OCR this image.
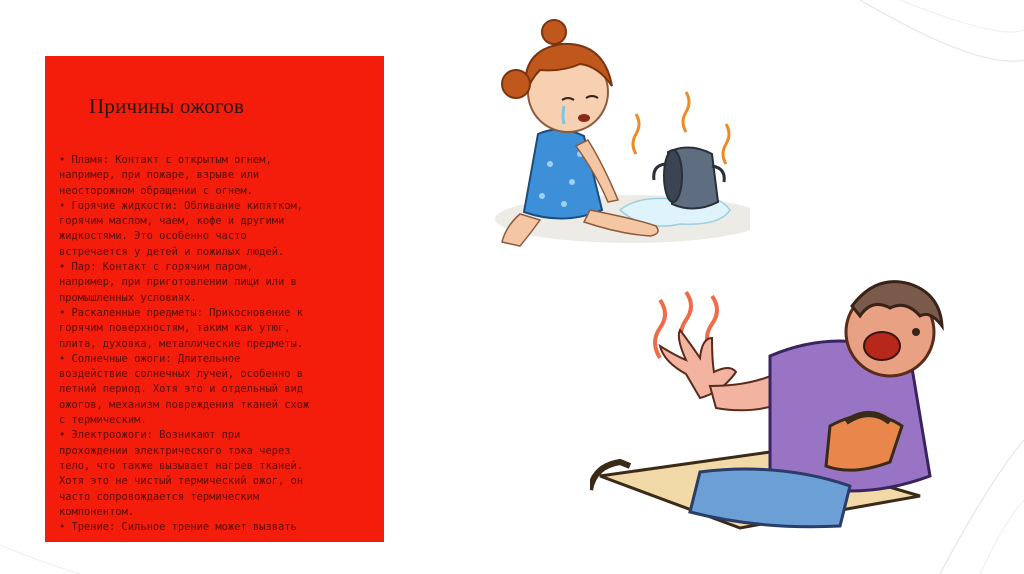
Причины ожогов

• Пламя: Контакт с открытым огнем,
например, при пожаре, взрыве или
неосторожном обращении с огнем.

• Горячие жидкости: Обливание кипятком,
горячим маслом, чаем, кофе и другими
жидкостями. Это особенно часто
встречается у детей и пожилых людей.

• Пар: Контакт с горячим паром,
например, при приготовлении пищи или в
промышленных условиях.

• Раскаленные предметы: Прикосновение к
горячим поверхностям, таким как утюг,
плита, духовка, металлические предметы.

• Солнечные ожоги: Длительное
воздействие солнечных лучей, особенно в
летний период. Хотя это и отдельный вид
ожогов, механизм повреждения тканей схож
с термическим.

• Электроожоги: Возникают при
прохождении электрического тока через
тело, что также вызывает нагрев тканей.
Хотя это не чистый термический ожог, он
часто сопровождается термическим
компонентом.

• Трение: Сильное трение может вызвать
